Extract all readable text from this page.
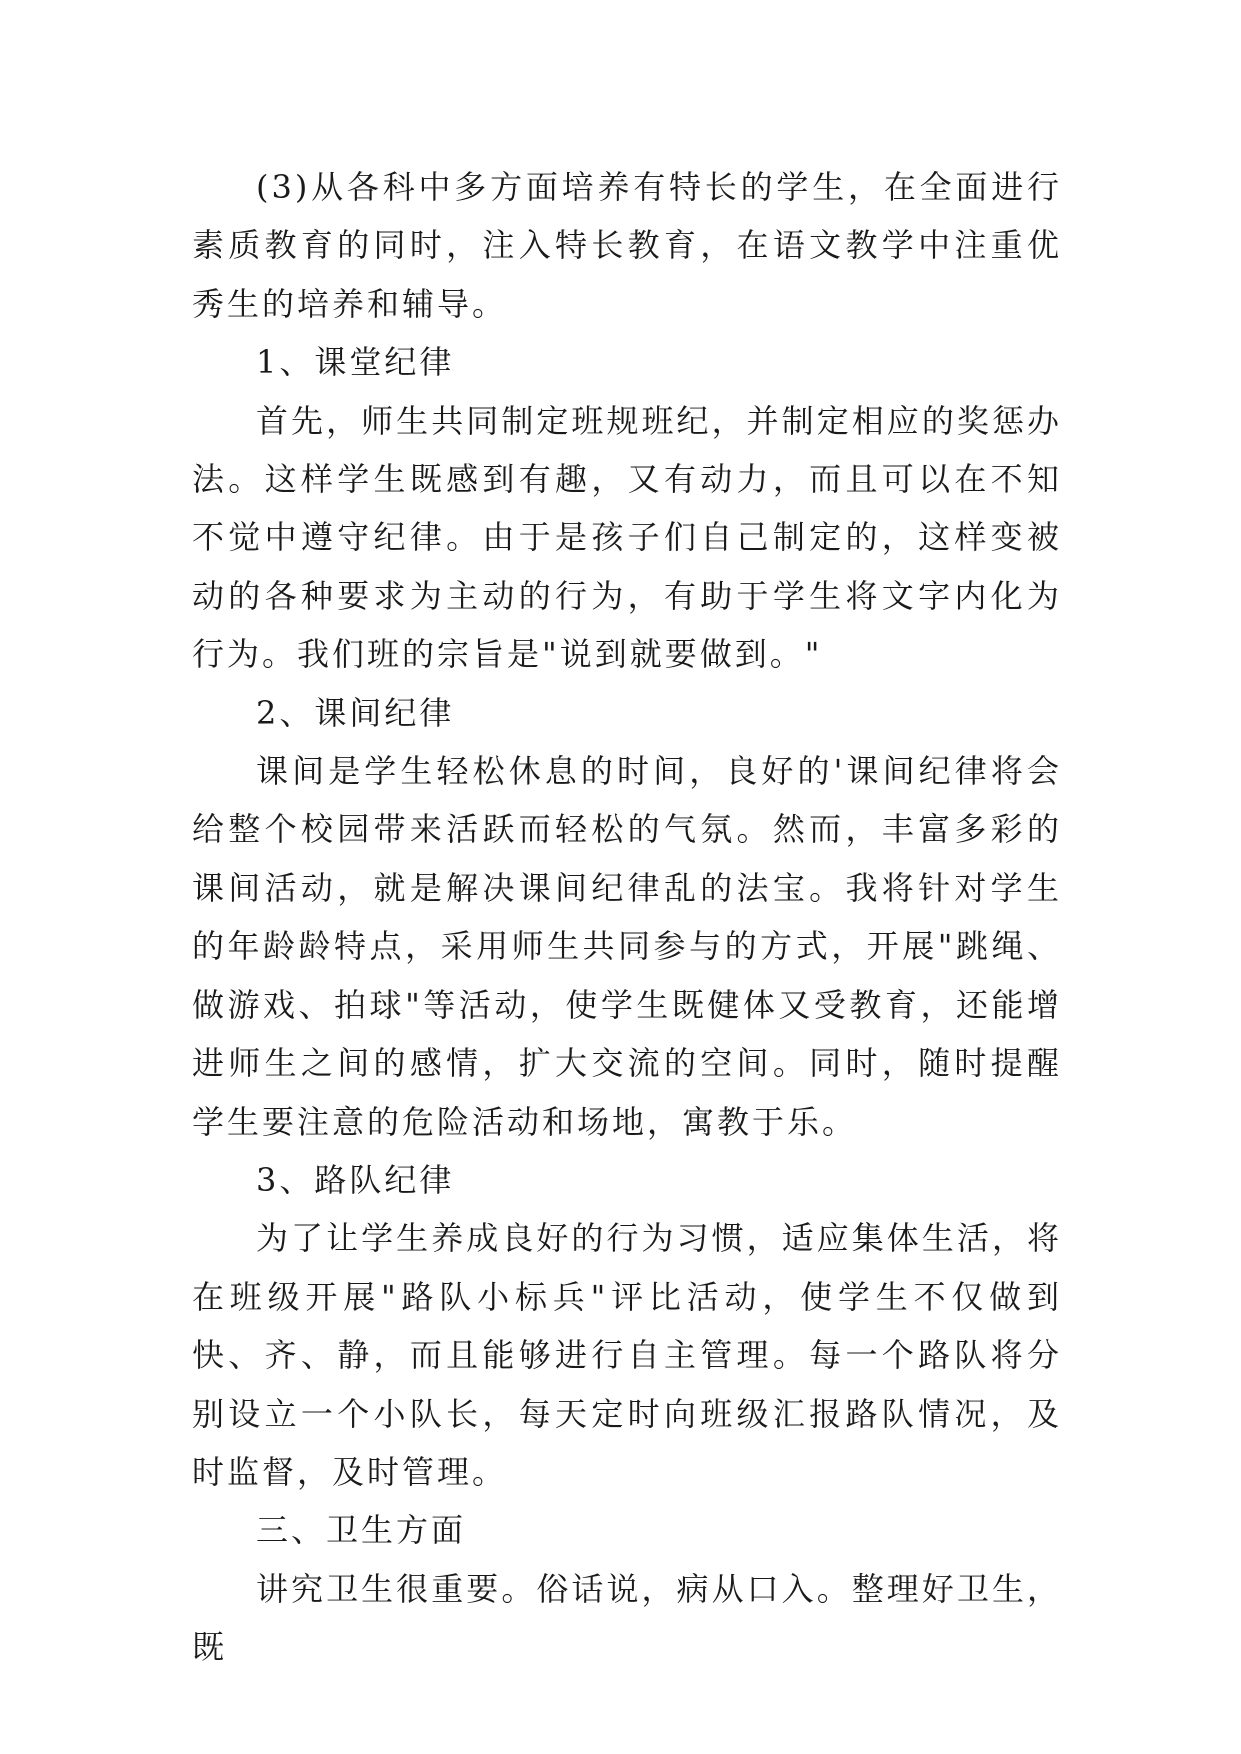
(3)从各科中多方面培养有特长的学生，在全面进行素质教育的同时，注入特长教育，在语文教学中注重优秀生的培养和辅导。

1、课堂纪律

首先，师生共同制定班规班纪，并制定相应的奖惩办法。这样学生既感到有趣，又有动力，而且可以在不知不觉中遵守纪律。由于是孩子们自己制定的，这样变被动的各种要求为主动的行为，有助于学生将文字内化为行为。我们班的宗旨是"说到就要做到。"

2、课间纪律

课间是学生轻松休息的时间，良好的'课间纪律将会给整个校园带来活跃而轻松的气氛。然而，丰富多彩的课间活动，就是解决课间纪律乱的法宝。我将针对学生的年龄龄特点，采用师生共同参与的方式，开展"跳绳、做游戏、拍球"等活动，使学生既健体又受教育，还能增进师生之间的感情，扩大交流的空间。同时，随时提醒学生要注意的危险活动和场地，寓教于乐。

3、路队纪律

为了让学生养成良好的行为习惯，适应集体生活，将在班级开展"路队小标兵"评比活动，使学生不仅做到快、齐、静，而且能够进行自主管理。每一个路队将分别设立一个小队长，每天定时向班级汇报路队情况，及时监督，及时管理。

三、卫生方面

讲究卫生很重要。俗话说，病从口入。整理好卫生，既
